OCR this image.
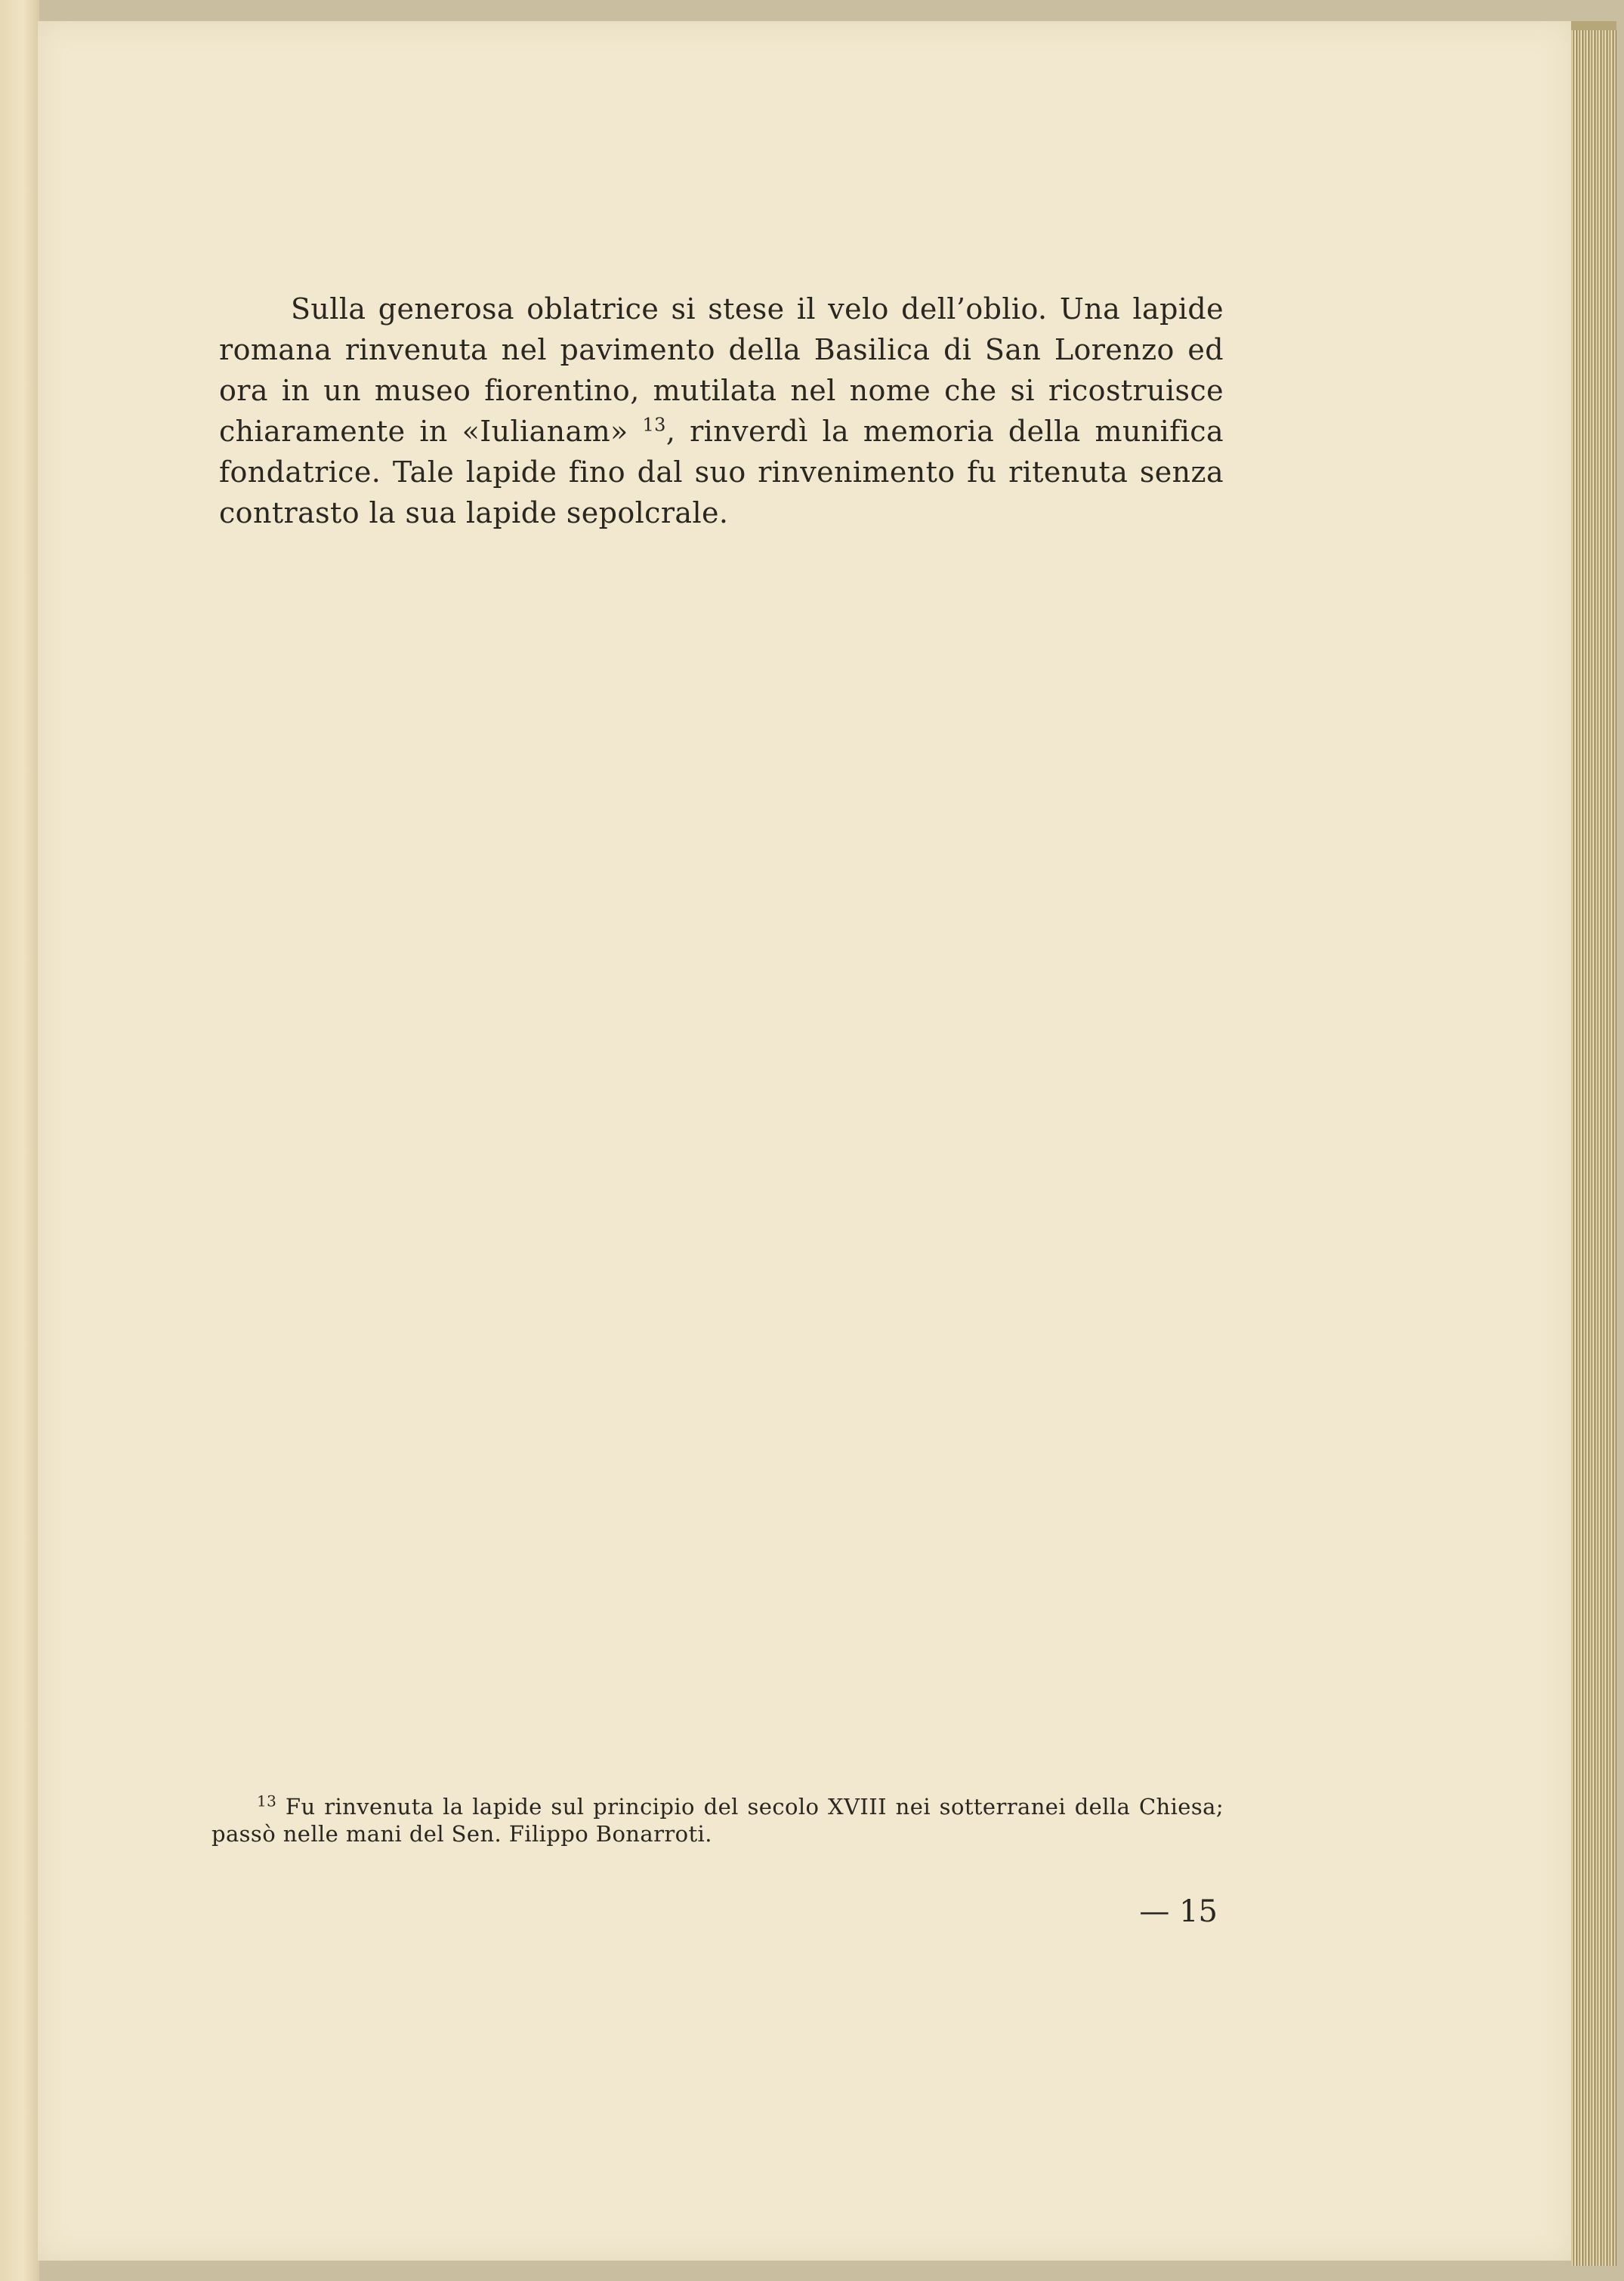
Sulla generosa oblatrice si stese il velo dell’oblio. Una lapide romana rinvenuta nel pavimento della Basilica di San Lorenzo ed ora in un museo fiorentino, mutilata nel nome che si ricostruisce chiaramente in «Iulianam» $^{13}$, rinverdì la memoria della munifica fondatrice. Tale lapide fino dal suo rinvenimento fu ritenuta senza contrasto la sua lapide sepolcrale.

$^{13}$ Fu rinvenuta la lapide sul principio del secolo XVIII nei sotterranei della Chiesa; passò nelle mani del Sen. Filippo Bonarroti.

— 15
